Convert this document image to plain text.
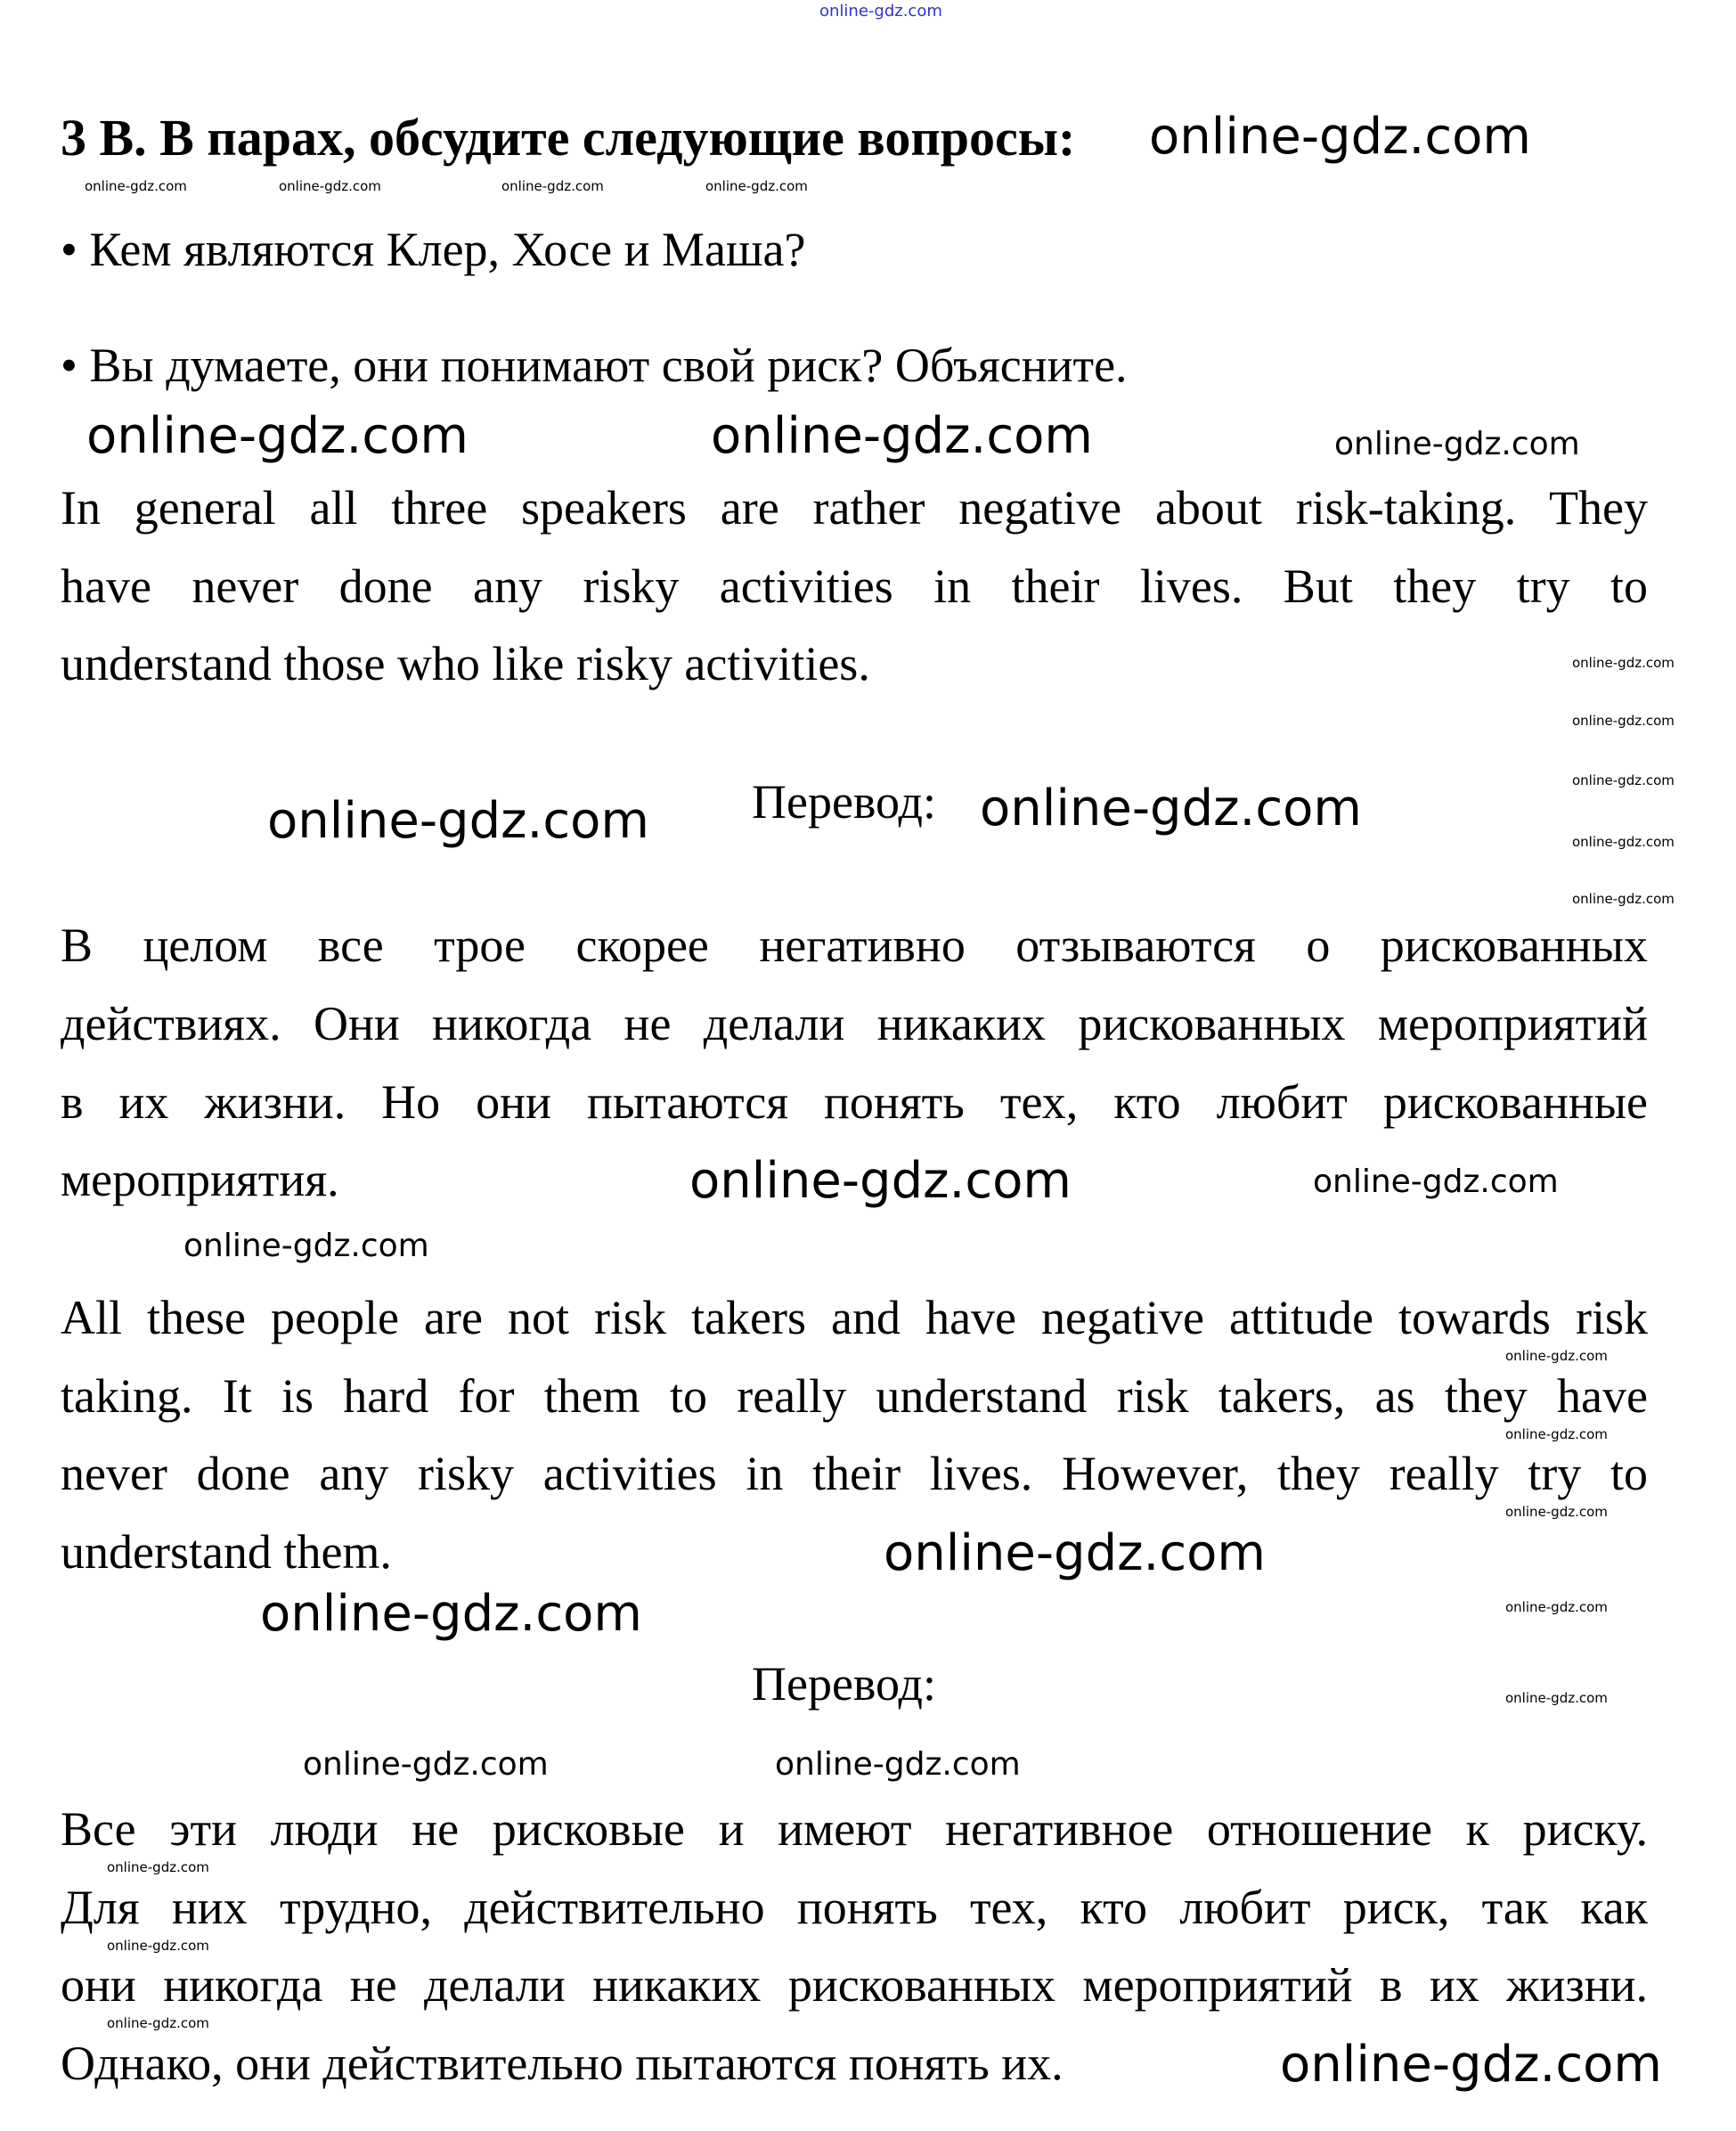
online-gdz.com
3 B. В парах, обсудите следующие вопросы: online-gdz.com
online-gdz.com	online-gdz.com	online-gdz.com	online-gdz.com
• Кем являются Клер, Хосе и Маша?
• Вы думаете, они понимают свой риск? Объясните.
online-gdz.com	online-gdz.com	online-gdz.com
In general all three speakers are rather negative about risk-taking. They
have never done any risky activities in their lives. But they try to
understand those who like risky activities.	online-gdz.com
online-gdz.com
online-gdz.com
online-gdz.com
online-gdz.com
Перевод:
online-gdz.com	online-gdz.com
В целом все трое скорее негативно отзываются о рискованных
действиях. Они никогда не делали никаких рискованных мероприятий
в их жизни. Но они пытаются понять тех, кто любит рискованные
мероприятия.	online-gdz.com	online-gdz.com
online-gdz.com
All these people are not risk takers and have negative attitude towards risk
taking. It is hard for them to really understand risk takers, as they have
never done any risky activities in their lives. However, they really try to
understand them.
online-gdz.com
online-gdz.com
online-gdz.com
online-gdz.com
online-gdz.com
online-gdz.com
online-gdz.com
Перевод:
online-gdz.com	online-gdz.com
Все эти люди не рисковые и имеют негативное отношение к риску.
Для них трудно, действительно понять тех, кто любит риск, так как
они никогда не делали никаких рискованных мероприятий в их жизни.
Однако, они действительно пытаются понять их.
online-gdz.com
online-gdz.com
online-gdz.com
online-gdz.com
